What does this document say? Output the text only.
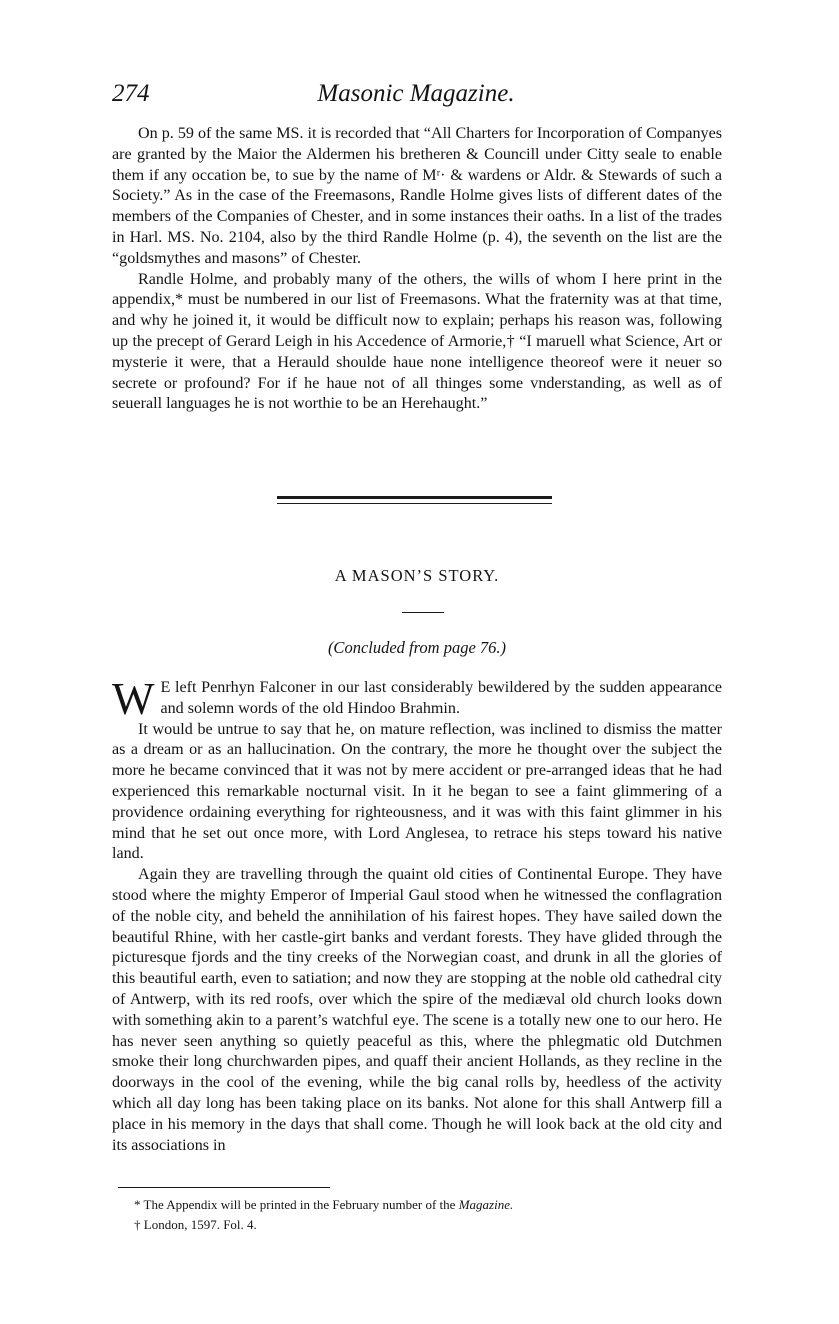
274	Masonic Magazine.

On p. 59 of the same MS. it is recorded that “All Charters for Incorporation of Companyes are granted by the Maior the Aldermen his bretheren & Councill under Citty seale to enable them if any occation be, to sue by the name of Mʳ· & wardens or Aldr. & Stewards of such a Society.” As in the case of the Freemasons, Randle Holme gives lists of different dates of the members of the Companies of Chester, and in some instances their oaths. In a list of the trades in Harl. MS. No. 2104, also by the third Randle Holme (p. 4), the seventh on the list are the “goldsmythes and masons” of Chester.

Randle Holme, and probably many of the others, the wills of whom I here print in the appendix,* must be numbered in our list of Freemasons. What the fraternity was at that time, and why he joined it, it would be difficult now to explain; perhaps his reason was, following up the precept of Gerard Leigh in his Accedence of Armorie,† “I maruell what Science, Art or mysterie it were, that a Herauld shoulde haue none intelligence theoreof were it neuer so secrete or profound? For if he haue not of all thinges some vnderstanding, as well as of seuerall languages he is not worthie to be an Herehaught.”

A MASON’S STORY.
(Concluded from page 76.)

W E left Penrhyn Falconer in our last considerably bewildered by the sudden appearance and solemn words of the old Hindoo Brahmin.

It would be untrue to say that he, on mature reflection, was inclined to dismiss the matter as a dream or as an hallucination. On the contrary, the more he thought over the subject the more he became convinced that it was not by mere accident or pre-arranged ideas that he had experienced this remarkable nocturnal visit. In it he began to see a faint glimmering of a providence ordaining everything for righteousness, and it was with this faint glimmer in his mind that he set out once more, with Lord Anglesea, to retrace his steps toward his native land.

Again they are travelling through the quaint old cities of Continental Europe. They have stood where the mighty Emperor of Imperial Gaul stood when he witnessed the conflagration of the noble city, and beheld the annihilation of his fairest hopes. They have sailed down the beautiful Rhine, with her castle-girt banks and verdant forests. They have glided through the picturesque fjords and the tiny creeks of the Norwegian coast, and drunk in all the glories of this beautiful earth, even to satiation; and now they are stopping at the noble old cathedral city of Antwerp, with its red roofs, over which the spire of the mediæval old church looks down with something akin to a parent’s watchful eye. The scene is a totally new one to our hero. He has never seen anything so quietly peaceful as this, where the phlegmatic old Dutchmen smoke their long churchwarden pipes, and quaff their ancient Hollands, as they recline in the doorways in the cool of the evening, while the big canal rolls by, heedless of the activity which all day long has been taking place on its banks. Not alone for this shall Antwerp fill a place in his memory in the days that shall come. Though he will look back at the old city and its associations in

* The Appendix will be printed in the February number of the Magazine.
† London, 1597. Fol. 4.
